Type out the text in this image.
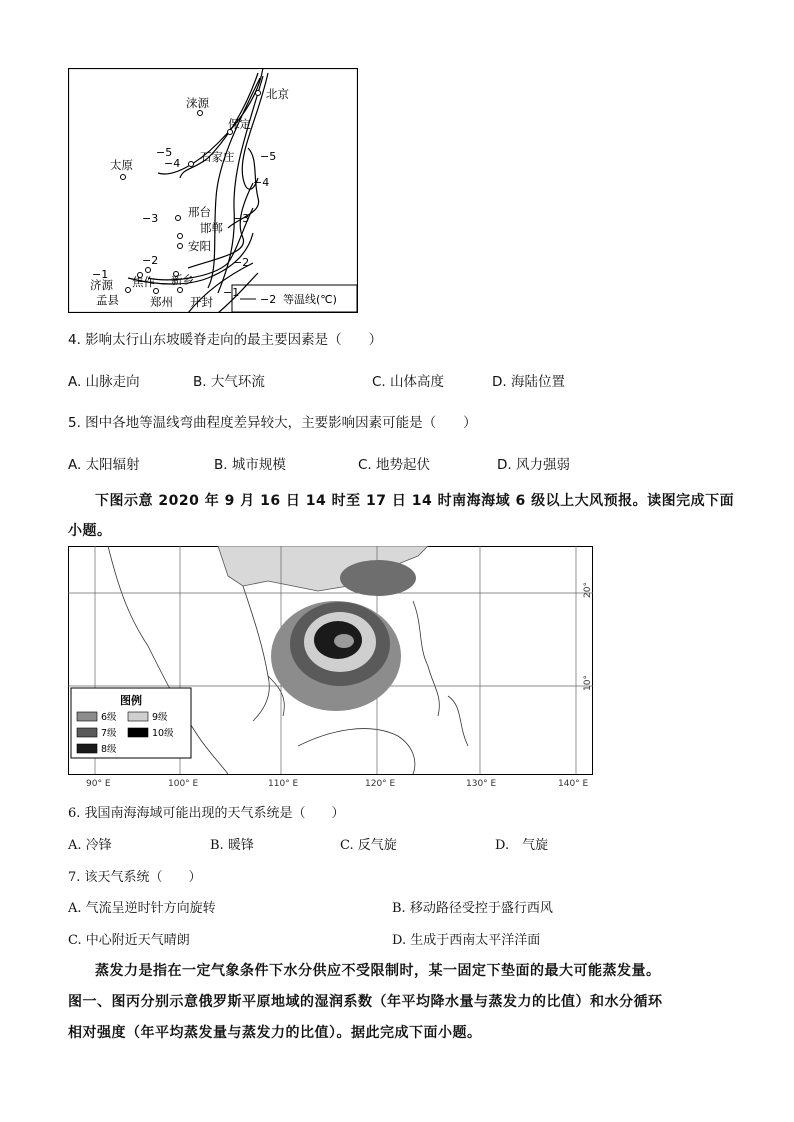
−2 等温线(℃)
北京
涞源
保定
太原
石家庄
邢台
邯郸
安阳
济源 焦作 新乡
孟县	郑州 开封
−5
−4
−5
−4
−3	−3
−2	−2
−1
−1
4. 影响太行山东坡暖脊走向的最主要因素是（　　）
A. 山脉走向	B. 大气环流	C. 山体高度	D. 海陆位置
5. 图中各地等温线弯曲程度差异较大，主要影响因素可能是（　　）
A. 太阳辐射	B. 城市规模	C. 地势起伏	D. 风力强弱
下图示意 2020 年 9 月 16 日 14 时至 17 日 14 时南海海域 6 级以上大风预报。读图完成下面
小题。
图例
6级	9级
7级	10级
8级
90° E	100° E	110° E	120° E	130° E	140° E
20°
10°
6. 我国南海海域可能出现的天气系统是（　　）
A. 冷锋	B. 暖锋	C. 反气旋	D.　气旋
7. 该天气系统（　　）
A. 气流呈逆时针方向旋转	B. 移动路径受控于盛行西风
C. 中心附近天气晴朗	D. 生成于西南太平洋洋面
蒸发力是指在一定气象条件下水分供应不受限制时，某一固定下垫面的最大可能蒸发量。
图一、图丙分别示意俄罗斯平原地域的湿润系数（年平均降水量与蒸发力的比值）和水分循环
相对强度（年平均蒸发量与蒸发力的比值）。据此完成下面小题。
